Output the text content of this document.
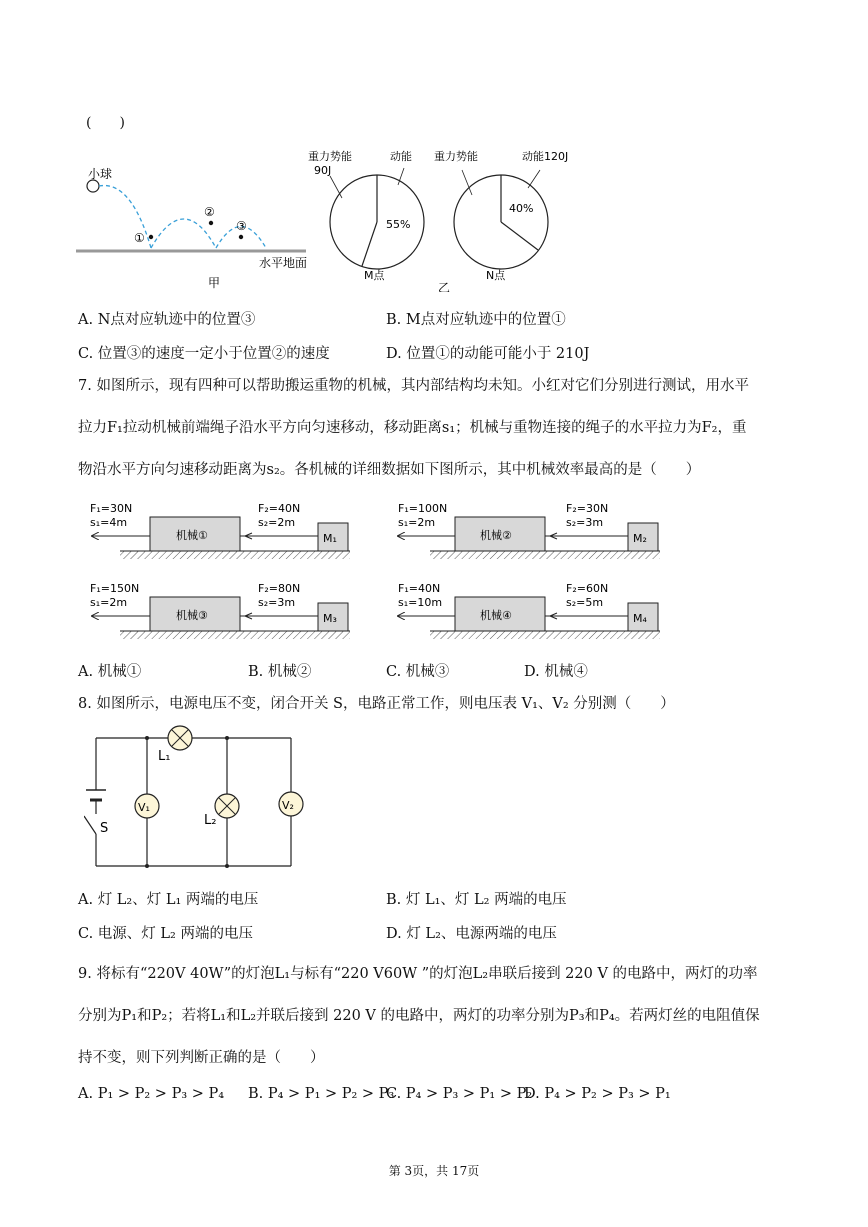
(　　)
小球
①
②
③
水平地面
甲
重力势能
90J
动能
55%
M点
重力势能	动能120J
40%
N点
乙
A. N点对应轨迹中的位置③	B. M点对应轨迹中的位置①
C. 位置③的速度一定小于位置②的速度	D. 位置①的动能可能小于 210J
7. 如图所示，现有四种可以帮助搬运重物的机械，其内部结构均未知。小红对它们分别进行测试，用水平
拉力F₁拉动机械前端绳子沿水平方向匀速移动，移动距离s₁；机械与重物连接的绳子的水平拉力为F₂，重
物沿水平方向匀速移动距离为s₂。各机械的详细数据如下图所示，其中机械效率最高的是（　　）
F₁=30N
s₁=4m
机械①
F₂=40N
s₂=2m
M₁
F₁=100N
s₁=2m
机械②
F₂=30N
s₂=3m
M₂
F₁=150N
s₁=2m
机械③
F₂=80N
s₂=3m
M₃
F₁=40N
s₁=10m
机械④
F₂=60N
s₂=5m
M₄
A. 机械①	B. 机械②	C. 机械③	D. 机械④
8. 如图所示，电源电压不变，闭合开关 S，电路正常工作，则电压表 V₁、V₂ 分别测（　　）
S
L₁
V₁
L₂
V₂
A. 灯 L₂、灯 L₁ 两端的电压	B. 灯 L₁、灯 L₂ 两端的电压
C. 电源、灯 L₂ 两端的电压	D. 灯 L₂、电源两端的电压
9. 将标有“220V 40W”的灯泡L₁与标有“220 V60W ”的灯泡L₂串联后接到 220 V 的电路中，两灯的功率
分别为P₁和P₂；若将L₁和L₂并联后接到 220 V 的电路中，两灯的功率分别为P₃和P₄。若两灯丝的电阻值保
持不变，则下列判断正确的是（　　）
A. P₁ > P₂ > P₃ > P₄ B. P₄ > P₁ > P₂ > P₃
C. P₄ > P₃ > P₁ > P₂
D. P₄ > P₂ > P₃ > P₁
第 3页，共 17页
